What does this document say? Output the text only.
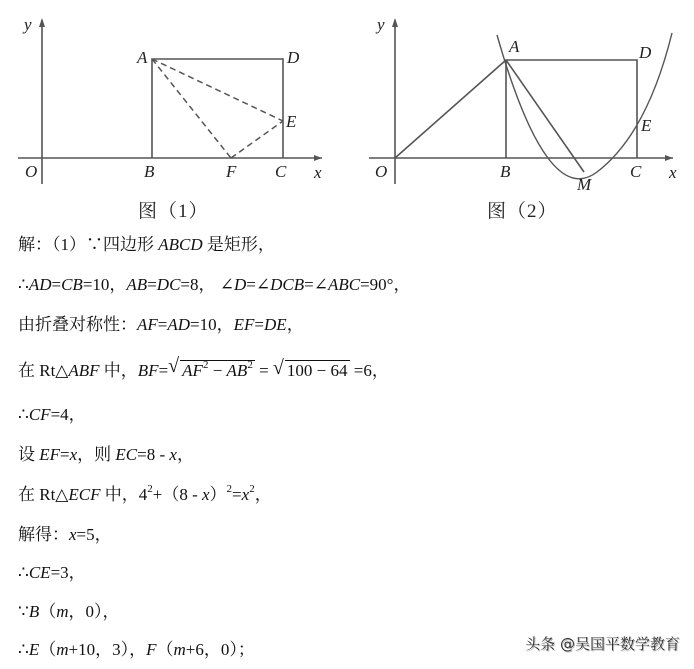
y
O	x
A	D
E
B	F C
图（1）
y
O	x
A	D
E
B
M
C
图（2）
解：（1）∵四边形 ABCD 是矩形，
∴AD=CB=10，AB=DC=8， ∠D=∠DCB=∠ABC=90°，
由折叠对称性：AF=AD=10，EF=DE，
在 Rt△ABF 中，BF= √ $AF^2 - AB^2$ = √ 100 − 64 =6，
∴CF=4，
设 EF=x，则 EC=8 - x，
在 Rt△ECF 中，$4^2+(8 - x)^2=x^2$，
解得：x=5，
∴CE=3，
∵B（m，0），
∴E（m+10，3），F（m+6，0）；	头条 @吴国平数学教育
